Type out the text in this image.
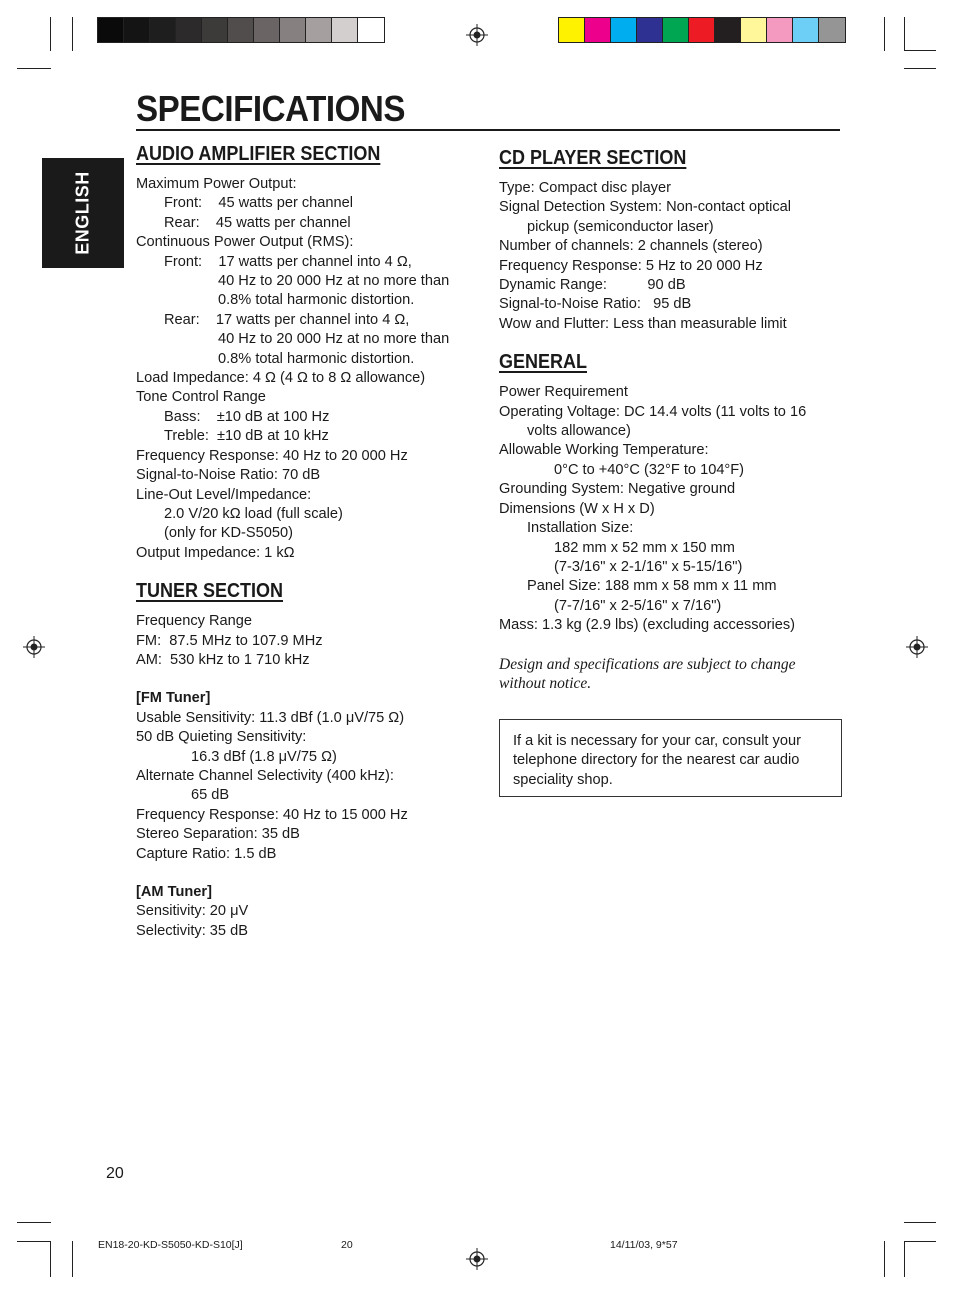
SPECIFICATIONS
ENGLISH
AUDIO AMPLIFIER SECTION
Maximum Power Output:
Front:    45 watts per channel
Rear:    45 watts per channel
Continuous Power Output (RMS):
Front:    17 watts per channel into 4 Ω,
40 Hz to 20 000 Hz at no more than
0.8% total harmonic distortion.
Rear:    17 watts per channel into 4 Ω,
40 Hz to 20 000 Hz at no more than
0.8% total harmonic distortion.
Load Impedance: 4 Ω (4 Ω to 8 Ω allowance)
Tone Control Range
Bass:    ±10 dB at 100 Hz
Treble:  ±10 dB at 10 kHz
Frequency Response: 40 Hz to 20 000 Hz
Signal-to-Noise Ratio: 70 dB
Line-Out Level/Impedance:
2.0 V/20 kΩ load (full scale)
(only for KD-S5050)
Output Impedance: 1 kΩ
TUNER SECTION
Frequency Range
FM:  87.5 MHz to 107.9 MHz
AM:  530 kHz to 1 710 kHz
[FM Tuner]
Usable Sensitivity: 11.3 dBf (1.0 μV/75 Ω)
50 dB Quieting Sensitivity:
16.3 dBf (1.8 μV/75 Ω)
Alternate Channel Selectivity (400 kHz):
65 dB
Frequency Response: 40 Hz to 15 000 Hz
Stereo Separation: 35 dB
Capture Ratio: 1.5 dB
[AM Tuner]
Sensitivity: 20 μV
Selectivity: 35 dB
CD PLAYER SECTION
Type: Compact disc player
Signal Detection System: Non-contact optical
pickup (semiconductor laser)
Number of channels: 2 channels (stereo)
Frequency Response: 5 Hz to 20 000 Hz
Dynamic Range:          90 dB
Signal-to-Noise Ratio:   95 dB
Wow and Flutter: Less than measurable limit
GENERAL
Power Requirement
Operating Voltage: DC 14.4 volts (11 volts to 16
volts allowance)
Allowable Working Temperature:
0°C to +40°C (32°F to 104°F)
Grounding System: Negative ground
Dimensions (W x H x D)
Installation Size:
182 mm x 52 mm x 150 mm
(7-3/16" x 2-1/16" x 5-15/16")
Panel Size: 188 mm x 58 mm x 11 mm
(7-7/16" x 2-5/16" x 7/16")
Mass: 1.3 kg (2.9 lbs) (excluding accessories)
Design and specifications are subject to change
without notice.
If a kit is necessary for your car, consult your telephone directory for the nearest car audio speciality shop.
20
EN18-20-KD-S5050-KD-S10[J]	20	14/11/03, 9*57
